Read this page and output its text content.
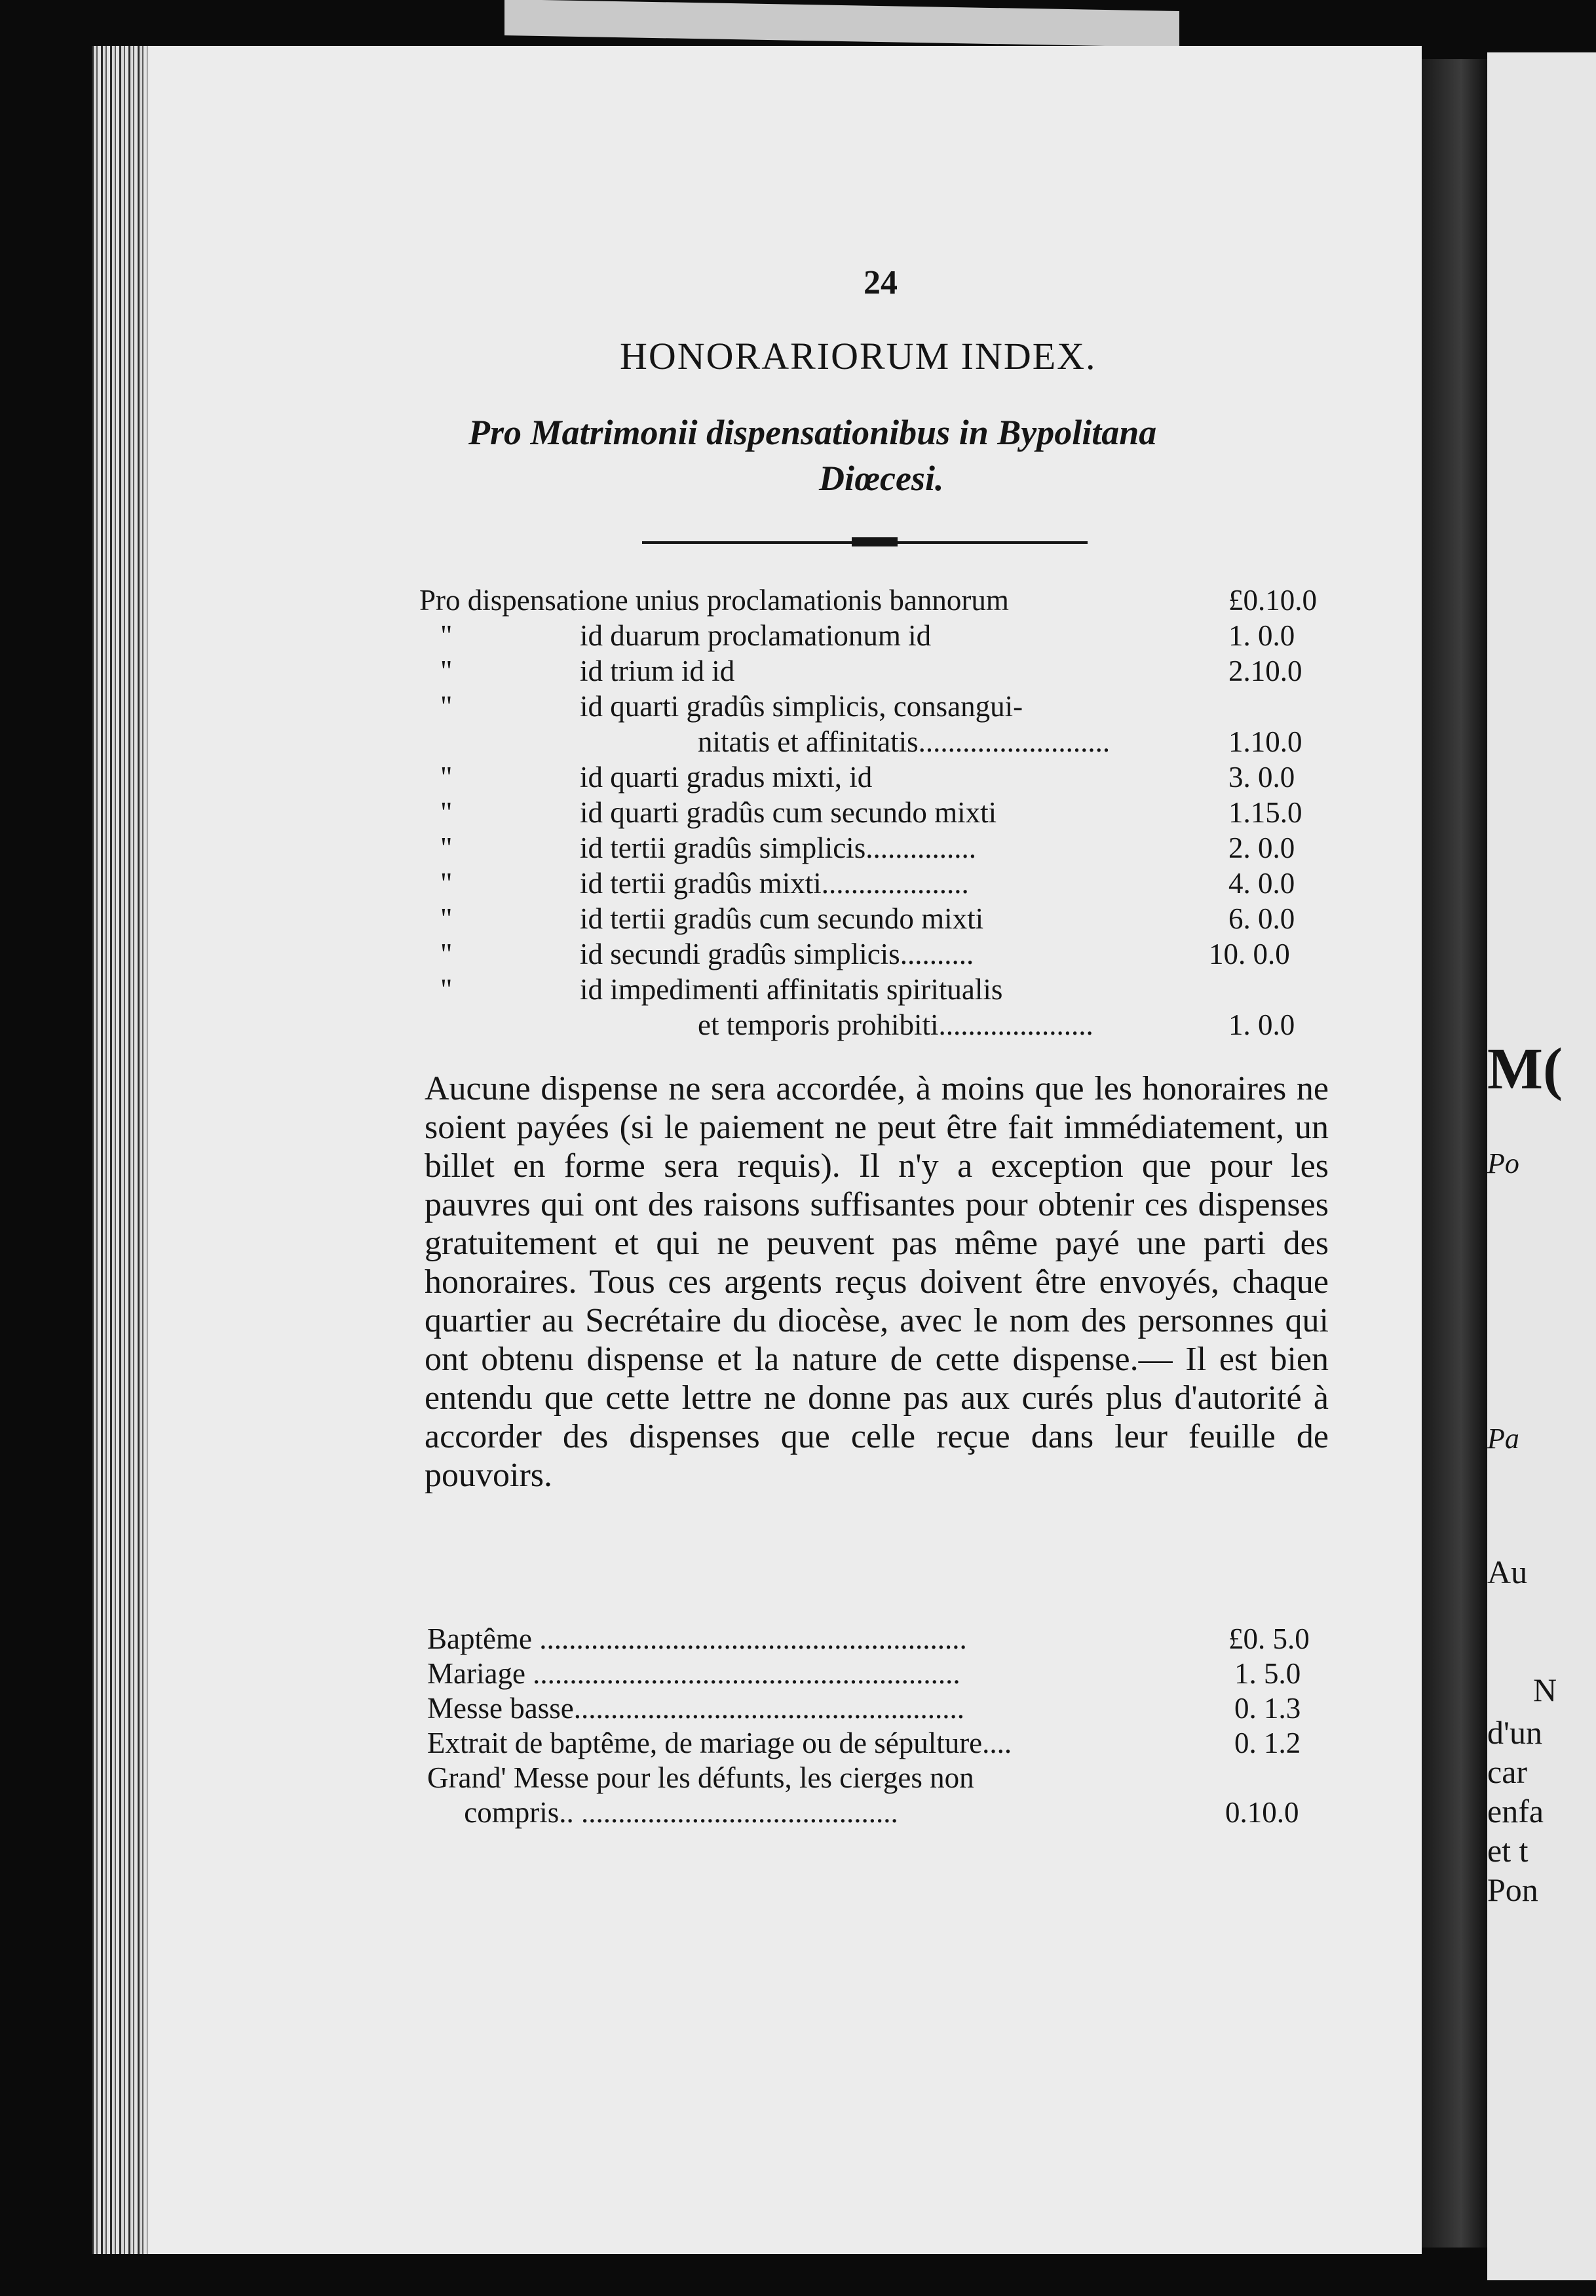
M(
Po
Pa
Au
N
d'un
car
enfa
et t
Pon
24
HONORARIORUM INDEX.
Pro Matrimonii dispensationibus in Bypolitana
Diœcesi.
Pro dispensatione unius proclamationis bannorum	£0.10.0
"	id duarum proclamationum id	1. 0.0
"	id trium id id	2.10.0
"	id quarti gradûs simplicis, consangui-
nitatis et affinitatis..........................	1.10.0
"	id quarti gradus mixti, id	3. 0.0
"	id quarti gradûs cum secundo mixti	1.15.0
"	id tertii gradûs simplicis...............	2. 0.0
"	id tertii gradûs mixti....................	4. 0.0
"	id tertii gradûs cum secundo mixti	6. 0.0
"	id secundi gradûs simplicis..........	10. 0.0
"	id impedimenti affinitatis spiritualis
et temporis prohibiti.....................	1. 0.0

Aucune dispense ne sera accordée, à moins que les honoraires ne soient payées (si le paiement ne peut être fait immédiatement, un billet en forme sera requis). Il n'y a exception que pour les pauvres qui ont des raisons suffisantes pour obtenir ces dispenses gratuitement et qui ne peuvent pas même payé une parti des honoraires. Tous ces argents reçus doivent être envoyés, chaque quartier au Secrétaire du diocèse, avec le nom des personnes qui ont obtenu dispense et la nature de cette dispense.— Il est bien entendu que cette lettre ne donne pas aux curés plus d'autorité à accorder des dispenses que celle reçue dans leur feuille de pouvoirs.

Baptême ..........................................................	£0. 5.0
Mariage ..........................................................	1. 5.0
Messe basse.....................................................	0. 1.3
Extrait de baptême, de mariage ou de sépulture....	0. 1.2
Grand' Messe pour les défunts, les cierges non
compris.. ...........................................	0.10.0
